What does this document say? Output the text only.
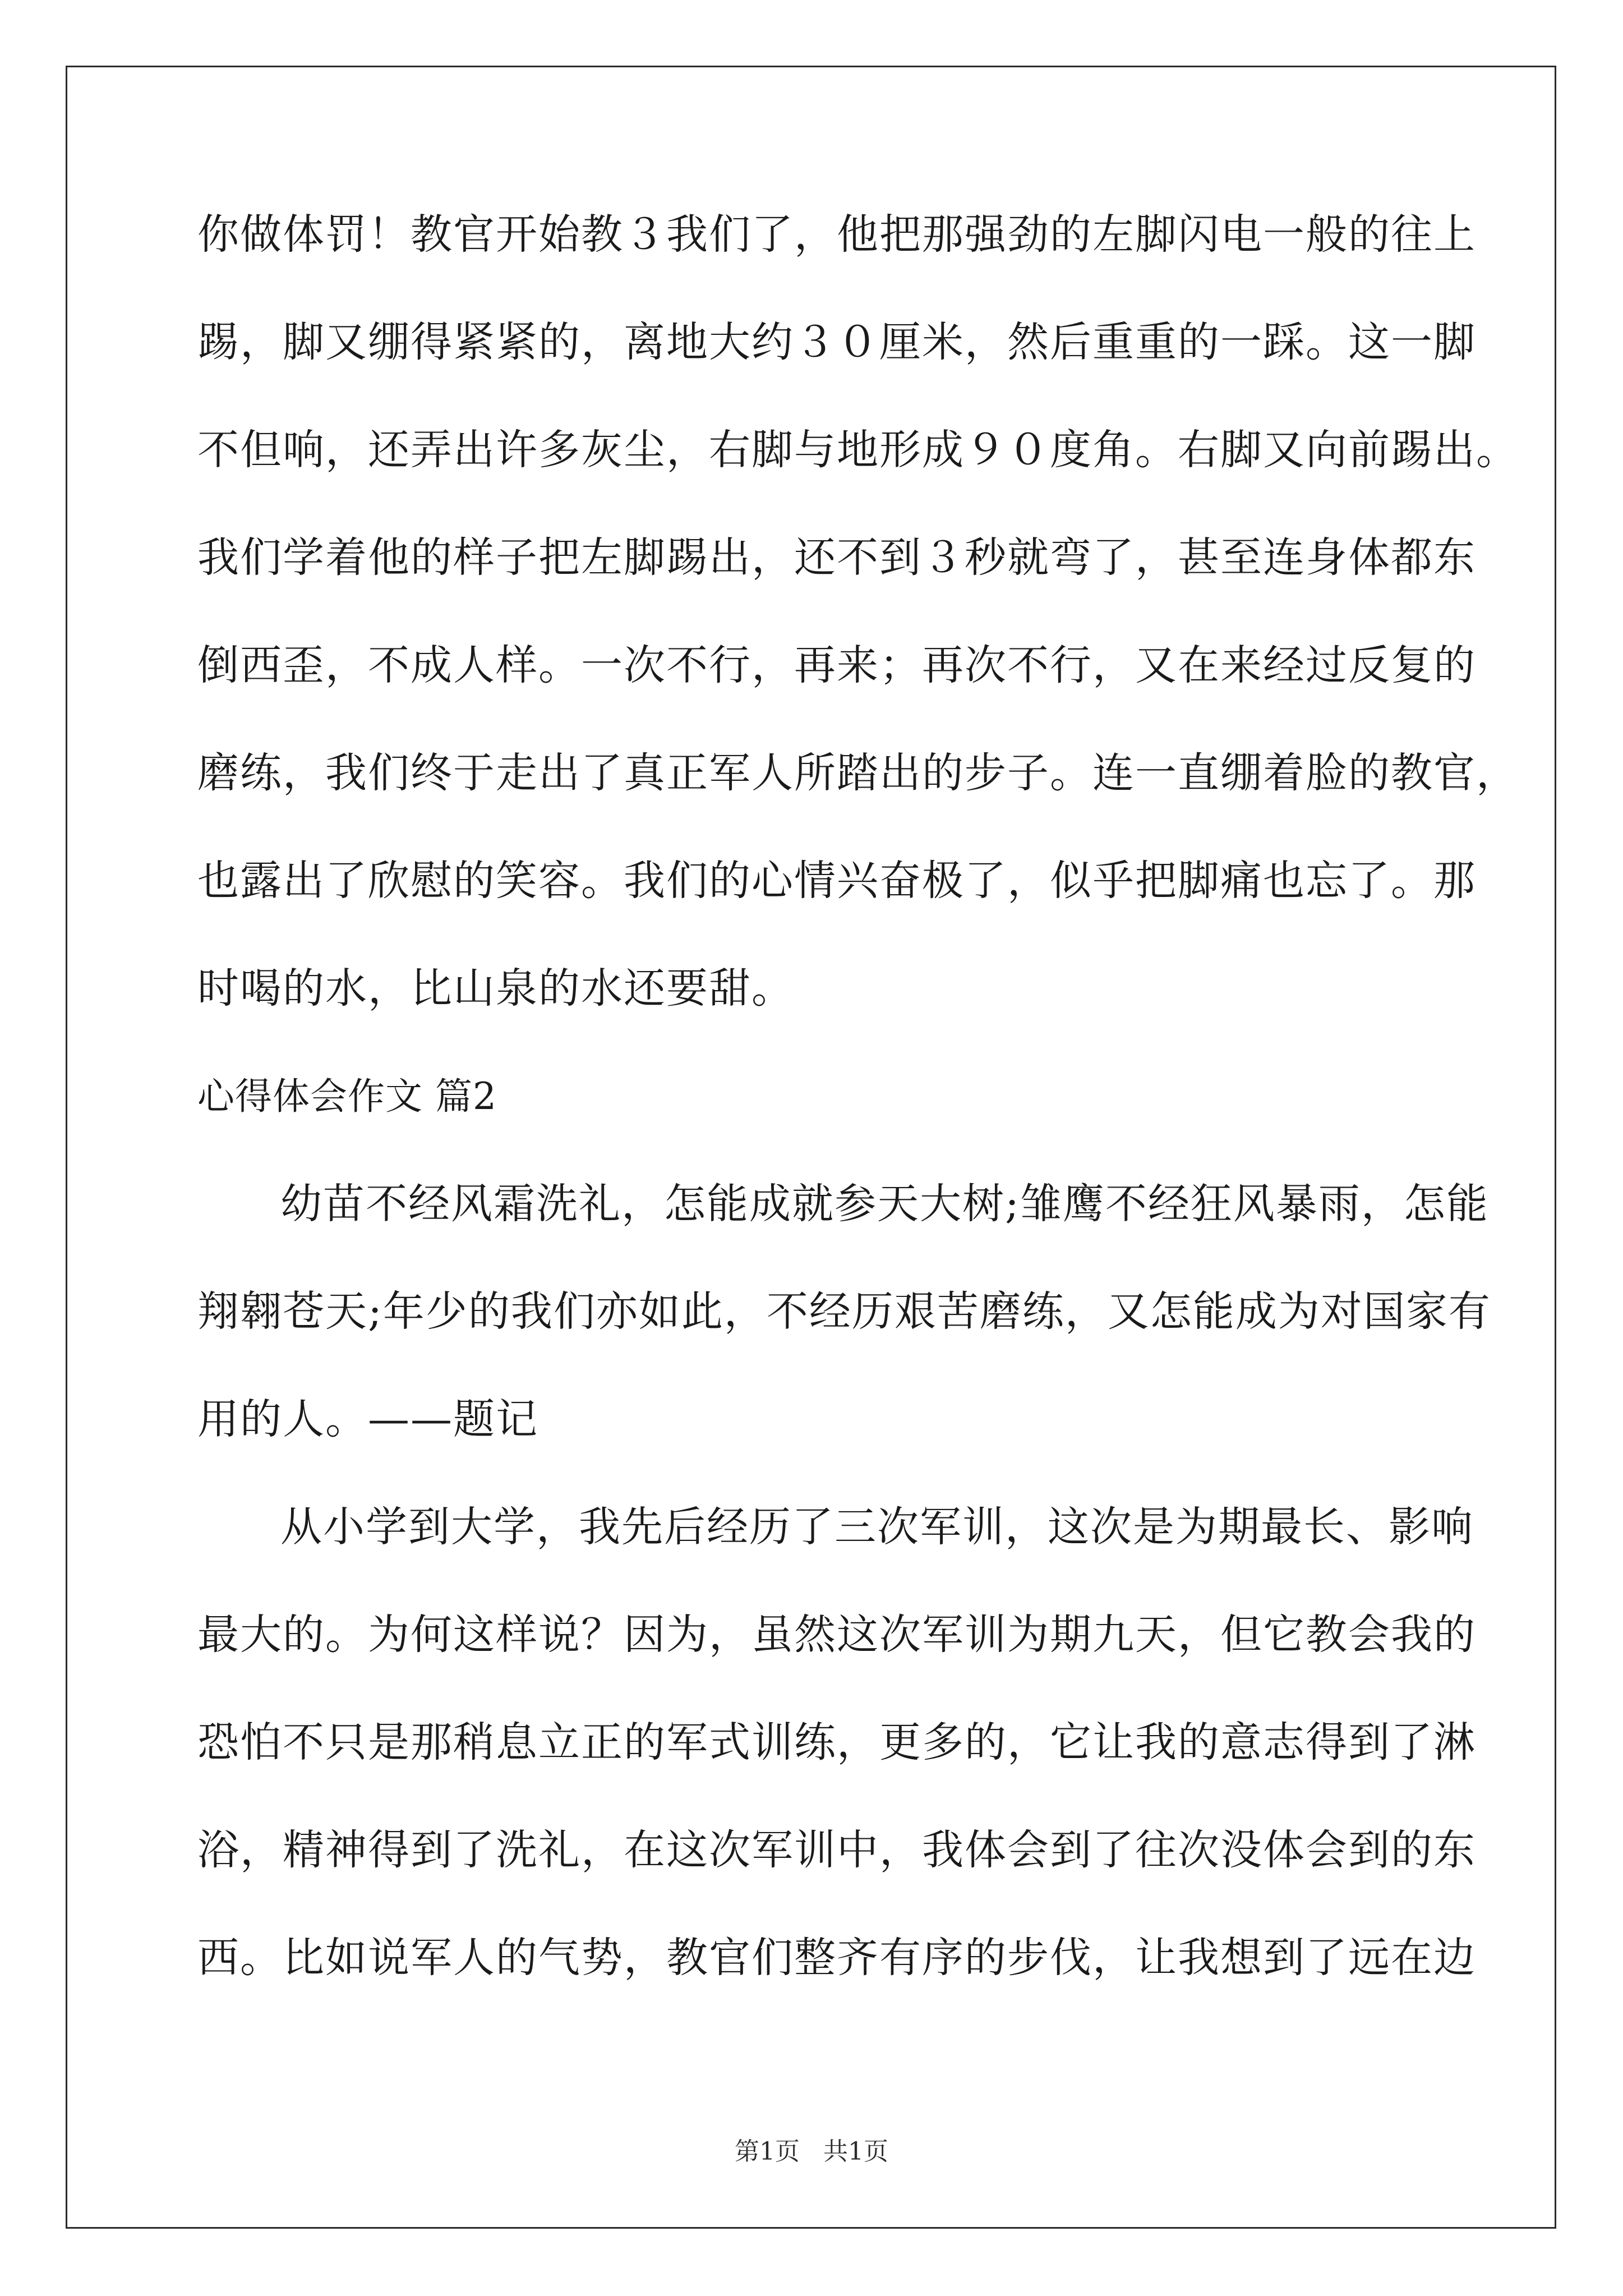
你做体罚！教官开始教３我们了，他把那强劲的左脚闪电一般的往上
踢，脚又绷得紧紧的，离地大约３０厘米，然后重重的一踩。这一脚
不但响，还弄出许多灰尘，右脚与地形成９０度角。右脚又向前踢出。
我们学着他的样子把左脚踢出，还不到３秒就弯了，甚至连身体都东
倒西歪，不成人样。一次不行，再来；再次不行，又在来经过反复的
磨练，我们终于走出了真正军人所踏出的步子。连一直绷着脸的教官，
也露出了欣慰的笑容。我们的心情兴奋极了，似乎把脚痛也忘了。那
时喝的水，比山泉的水还要甜。
心得体会作文 篇2
幼苗不经风霜洗礼，怎能成就参天大树;雏鹰不经狂风暴雨，怎能
翔翱苍天;年少的我们亦如此，不经历艰苦磨练，又怎能成为对国家有
用的人。——题记
从小学到大学，我先后经历了三次军训，这次是为期最长、影响
最大的。为何这样说？因为，虽然这次军训为期九天，但它教会我的
恐怕不只是那稍息立正的军式训练，更多的，它让我的意志得到了淋
浴，精神得到了洗礼，在这次军训中，我体会到了往次没体会到的东
西。比如说军人的气势，教官们整齐有序的步伐，让我想到了远在边
第1页   共1页
